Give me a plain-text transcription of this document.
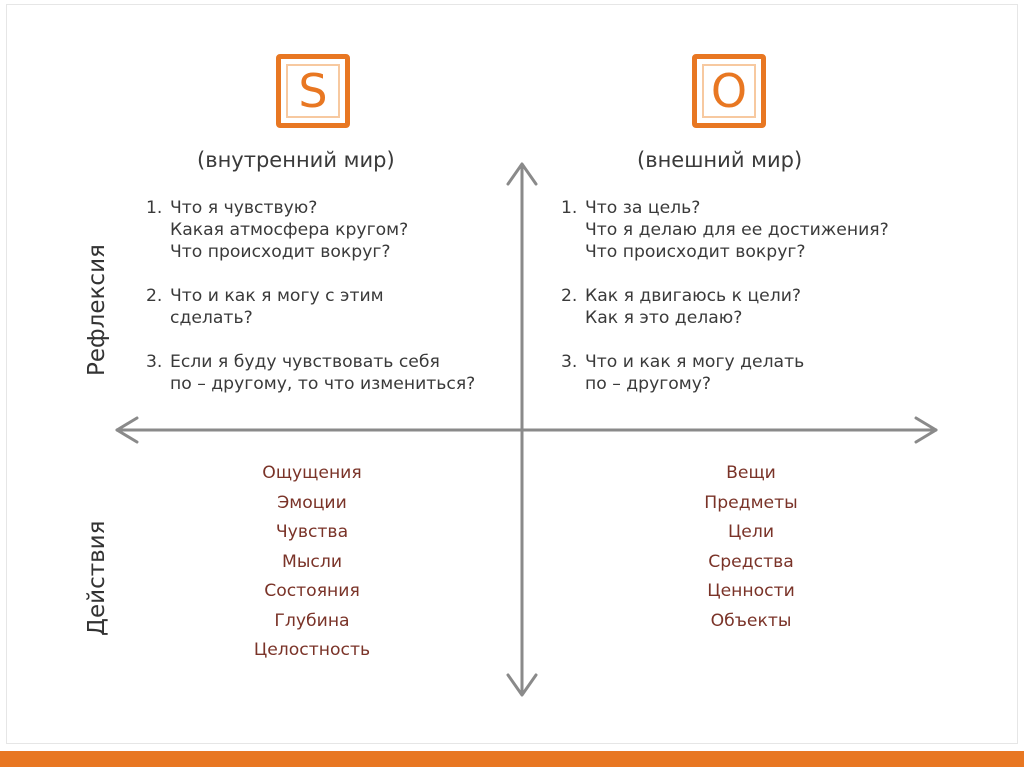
S	O
(внутренний мир)	(внешний мир)
Рефлексия
Действия
1. Что я чувствую?
Какая атмосфера кругом?
Что происходит вокруг?
2. Что и как я могу с этим
сделать?
3. Если я буду чувствовать себя
по – другому, то что измениться?
1. Что за цель?
Что я делаю для ее достижения?
Что происходит вокруг?
2. Как я двигаюсь к цели?
Как я это делаю?
3. Что и как я могу делать
по – другому?
Ощущения
Эмоции
Чувства
Мысли
Состояния
Глубина
Целостность
Вещи
Предметы
Цели
Средства
Ценности
Объекты
